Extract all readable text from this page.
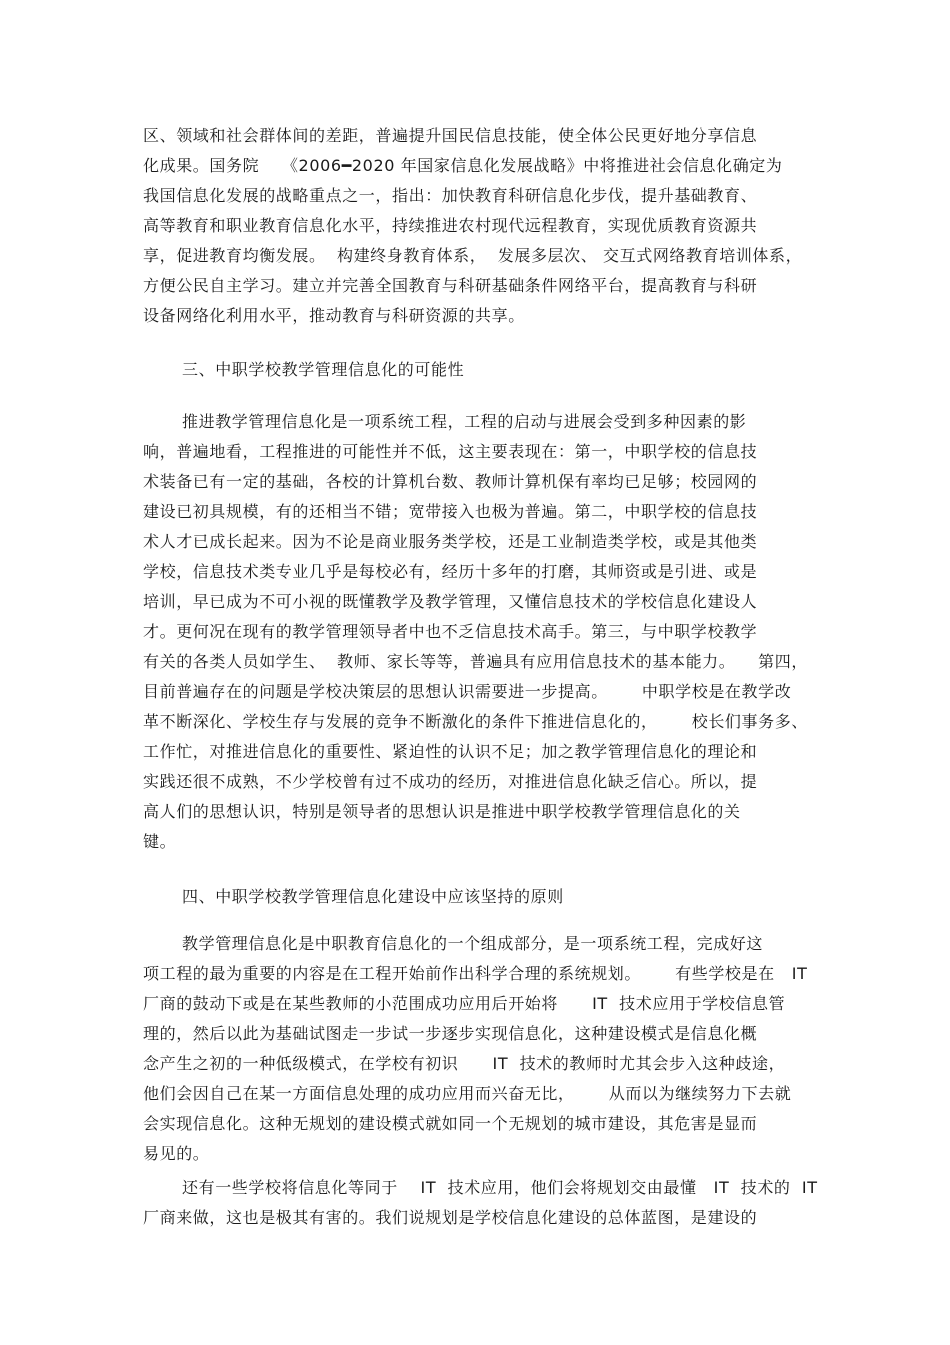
区、领域和社会群体间的差距，普遍提升国民信息技能，使全体公民更好地分享信息
化成果。国务院    《2006━2020 年国家信息化发展战略》中将推进社会信息化确定为
我国信息化发展的战略重点之一，指出：加快教育科研信息化步伐，提升基础教育、
高等教育和职业教育信息化水平，持续推进农村现代远程教育，实现优质教育资源共
享，促进教育均衡发展。  构建终身教育体系，  发展多层次、 交互式网络教育培训体系，
方便公民自主学习。建立并完善全国教育与科研基础条件网络平台，提高教育与科研
设备网络化利用水平，推动教育与科研资源的共享。
三、中职学校教学管理信息化的可能性
推进教学管理信息化是一项系统工程，工程的启动与进展会受到多种因素的影
响，普遍地看，工程推进的可能性并不低，这主要表现在：第一，中职学校的信息技
术装备已有一定的基础，各校的计算机台数、教师计算机保有率均已足够；校园网的
建设已初具规模，有的还相当不错；宽带接入也极为普遍。第二，中职学校的信息技
术人才已成长起来。因为不论是商业服务类学校，还是工业制造类学校，或是其他类
学校，信息技术类专业几乎是每校必有，经历十多年的打磨，其师资或是引进、或是
培训，早已成为不可小视的既懂教学及教学管理，又懂信息技术的学校信息化建设人
才。更何况在现有的教学管理领导者中也不乏信息技术高手。第三，与中职学校教学
有关的各类人员如学生、  教师、家长等等，普遍具有应用信息技术的基本能力。    第四，
目前普遍存在的问题是学校决策层的思想认识需要进一步提高。      中职学校是在教学改
革不断深化、学校生存与发展的竞争不断激化的条件下推进信息化的，      校长们事务多、
工作忙，对推进信息化的重要性、紧迫性的认识不足；加之教学管理信息化的理论和
实践还很不成熟，不少学校曾有过不成功的经历，对推进信息化缺乏信心。所以，提
高人们的思想认识，特别是领导者的思想认识是推进中职学校教学管理信息化的关
键。
四、中职学校教学管理信息化建设中应该坚持的原则
教学管理信息化是中职教育信息化的一个组成部分，是一项系统工程，完成好这
项工程的最为重要的内容是在工程开始前作出科学合理的系统规划。      有些学校是在   IT
厂商的鼓动下或是在某些教师的小范围成功应用后开始将      IT  技术应用于学校信息管
理的，然后以此为基础试图走一步试一步逐步实现信息化，这种建设模式是信息化概
念产生之初的一种低级模式，在学校有初识      IT  技术的教师时尤其会步入这种歧途，
他们会因自己在某一方面信息处理的成功应用而兴奋无比，      从而以为继续努力下去就
会实现信息化。这种无规划的建设模式就如同一个无规划的城市建设，其危害是显而
易见的。
还有一些学校将信息化等同于    IT  技术应用，他们会将规划交由最懂   IT  技术的  IT
厂商来做，这也是极其有害的。我们说规划是学校信息化建设的总体蓝图，是建设的
